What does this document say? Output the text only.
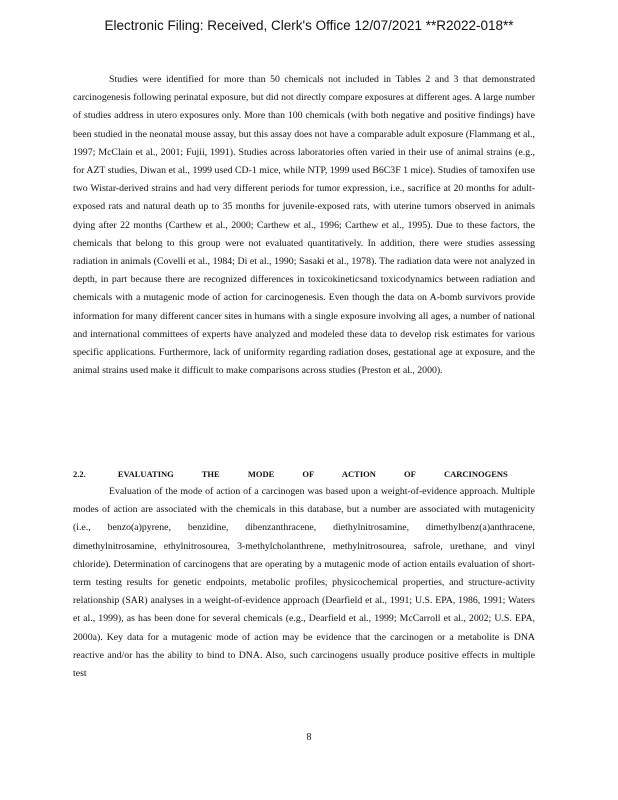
Electronic Filing: Received, Clerk's Office 12/07/2021 **R2022-018**

Studies were identified for more than 50 chemicals not included in Tables 2 and 3 that demonstrated carcinogenesis following perinatal exposure, but did not directly compare exposures at different ages. A large number of studies address in utero exposures only. More than 100 chemicals (with both negative and positive findings) have been studied in the neonatal mouse assay, but this assay does not have a comparable adult exposure (Flammang et al., 1997; McClain et al., 2001; Fujii, 1991). Studies across laboratories often varied in their use of animal strains (e.g., for AZT studies, Diwan et al., 1999 used CD-1 mice, while NTP, 1999 used B6C3F 1 mice). Studies of tamoxifen use two Wistar-derived strains and had very different periods for tumor expression, i.e., sacrifice at 20 months for adult-exposed rats and natural death up to 35 months for juvenile-exposed rats, with uterine tumors observed in animals dying after 22 months (Carthew et al., 2000; Carthew et al., 1996; Carthew et al., 1995). Due to these factors, the chemicals that belong to this group were not evaluated quantitatively. In addition, there were studies assessing radiation in animals (Covelli et al., 1984; Di et al., 1990; Sasaki et al., 1978). The radiation data were not analyzed in depth, in part because there are recognized differences in toxicokineticsand toxicodynamics between radiation and chemicals with a mutagenic mode of action for carcinogenesis. Even though the data on A-bomb survivors provide information for many different cancer sites in humans with a single exposure involving all ages, a number of national and international committees of experts have analyzed and modeled these data to develop risk estimates for various specific applications. Furthermore, lack of uniformity regarding radiation doses, gestational age at exposure, and the animal strains used make it difficult to make comparisons across studies (Preston et al., 2000).

2.2.	EVALUATING	THE	MODE	OF	ACTION	OF	CARCINOGENS

Evaluation of the mode of action of a carcinogen was based upon a weight-of-evidence approach. Multiple modes of action are associated with the chemicals in this database, but a number are associated with mutagenicity (i.e., benzo(a)pyrene, benzidine, dibenzanthracene, diethylnitrosamine, dimethylbenz(a)anthracene, dimethylnitrosamine, ethylnitrosourea, 3-methylcholanthrene, methylnitrosourea, safrole, urethane, and vinyl chloride). Determination of carcinogens that are operating by a mutagenic mode of action entails evaluation of short-term testing results for genetic endpoints, metabolic profiles, physicochemical properties, and structure-activity relationship (SAR) analyses in a weight-of-evidence approach (Dearfield et al., 1991; U.S. EPA, 1986, 1991; Waters et al., 1999), as has been done for several chemicals (e.g., Dearfield et al., 1999; McCarroll et al., 2002; U.S. EPA, 2000a). Key data for a mutagenic mode of action may be evidence that the carcinogen or a metabolite is DNA reactive and/or has the ability to bind to DNA. Also, such carcinogens usually produce positive effects in multiple test

8
